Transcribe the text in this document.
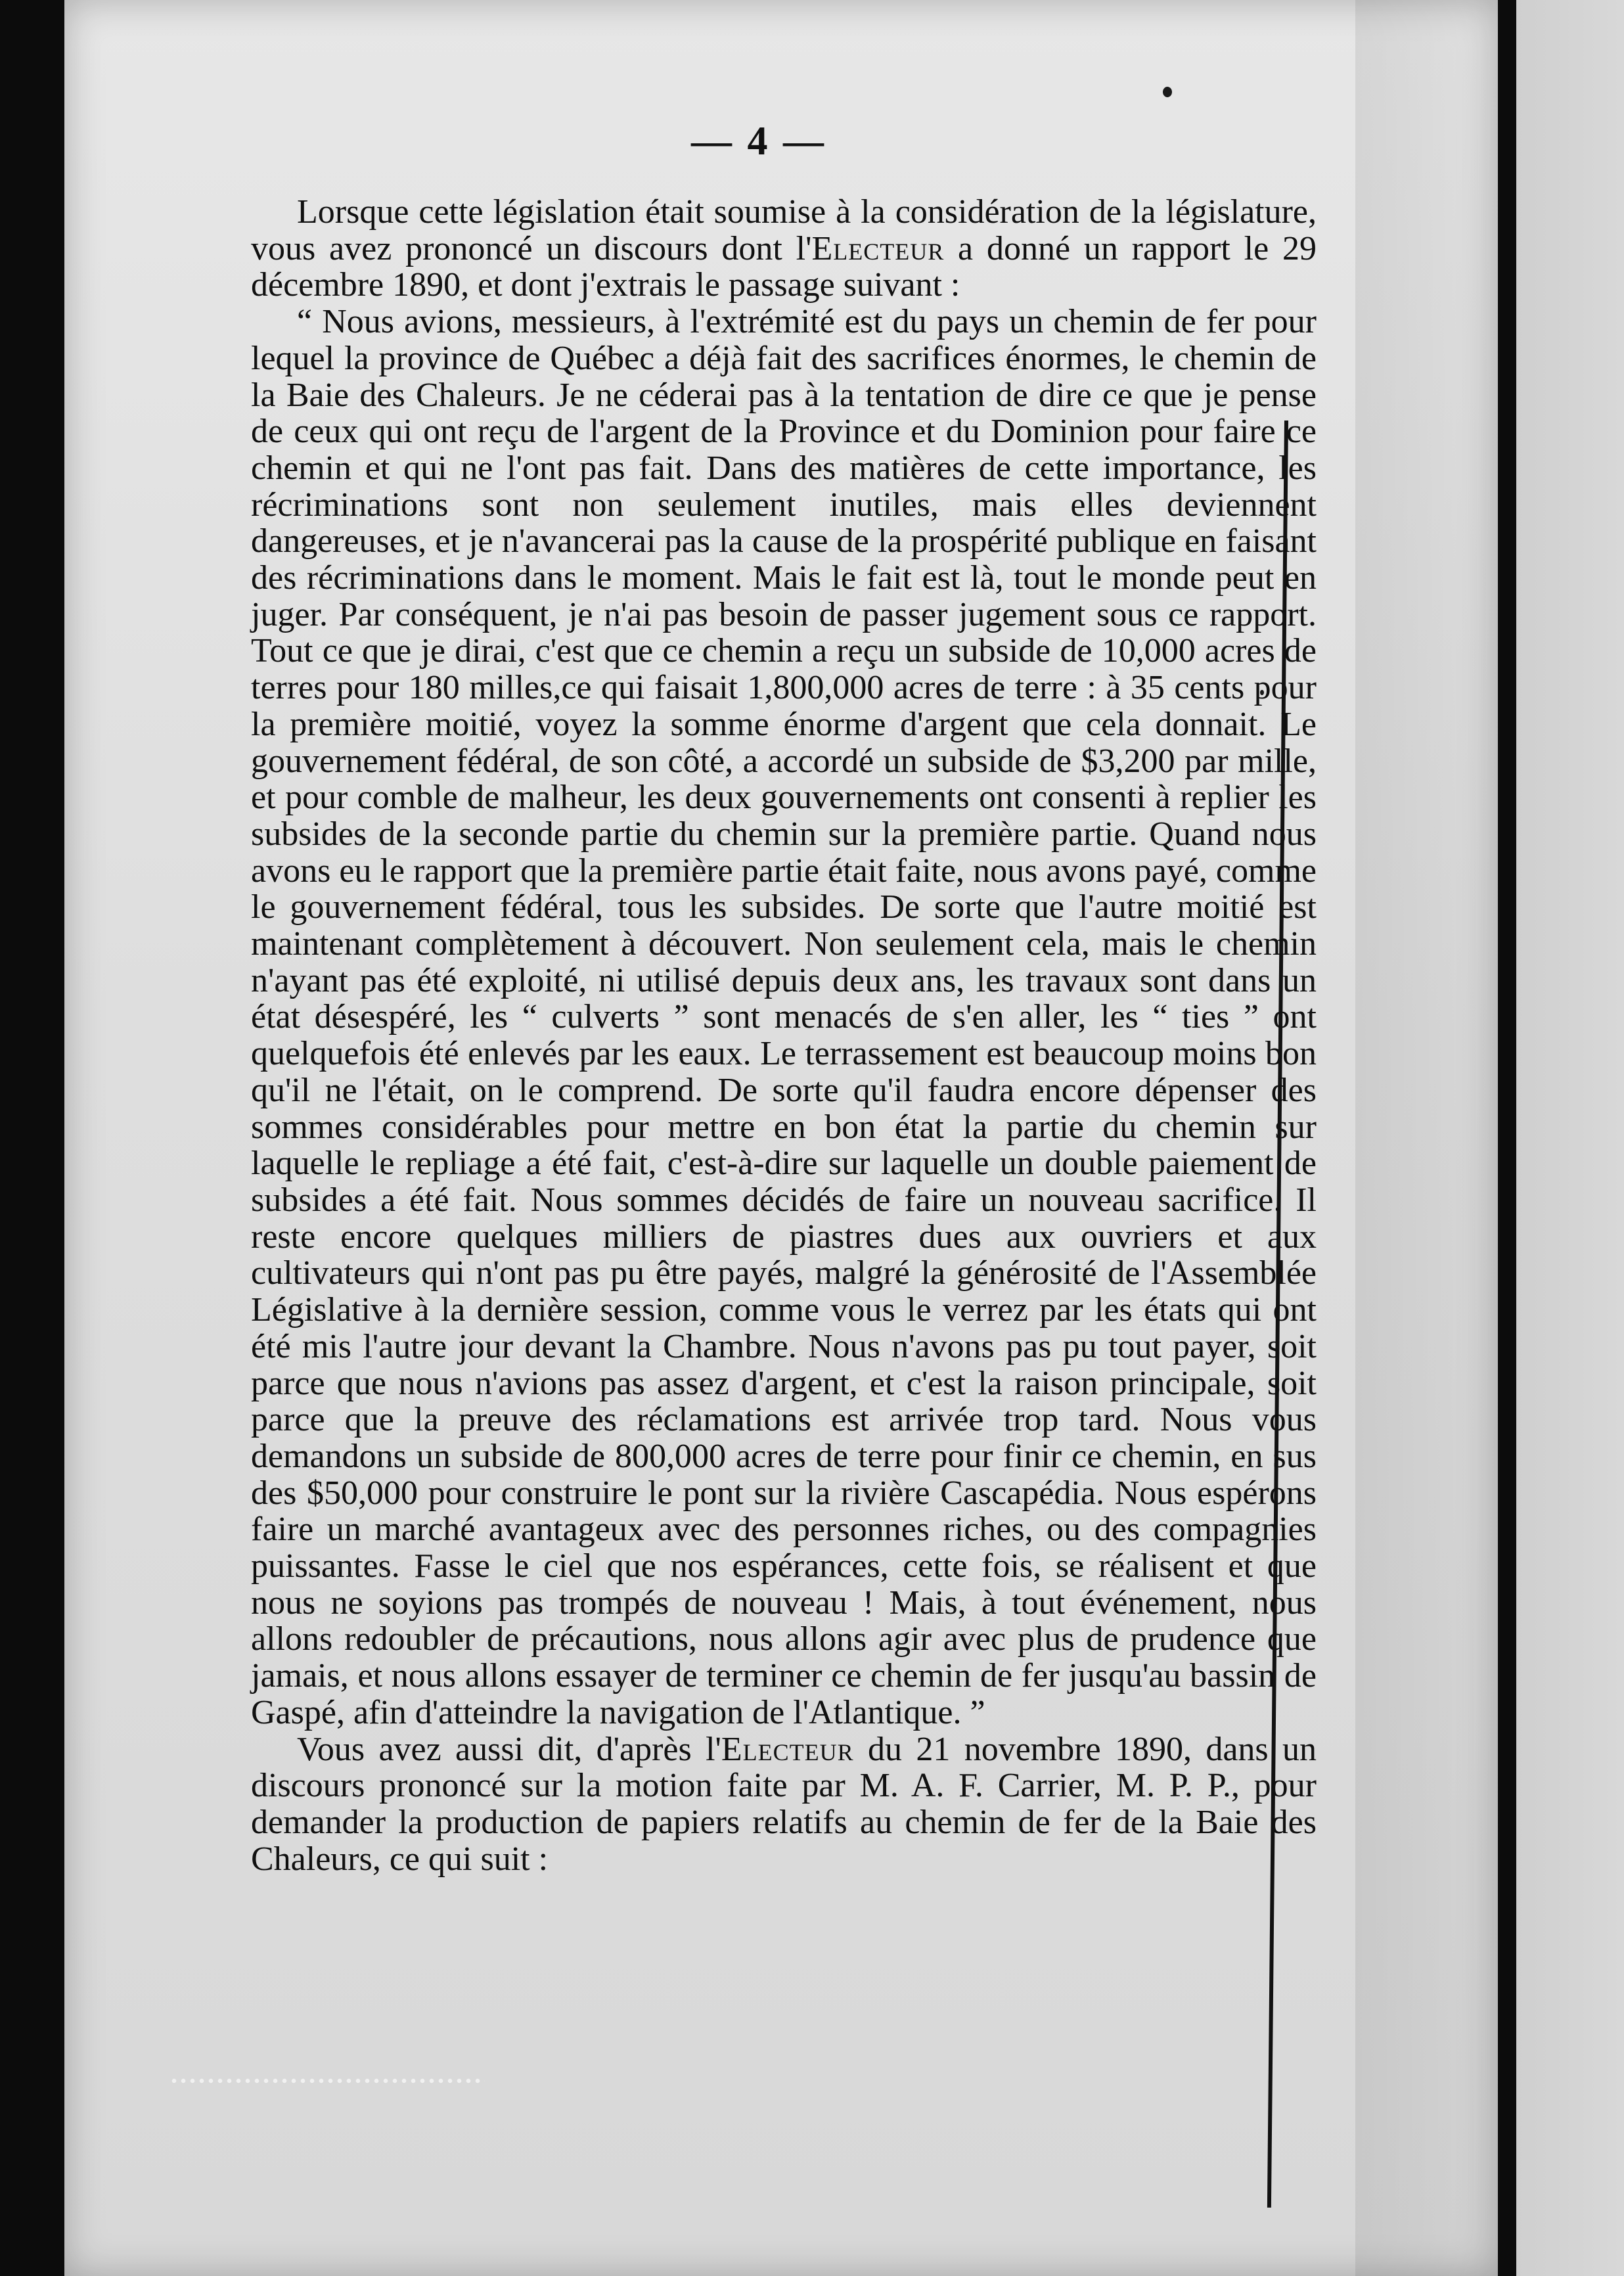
— 4 —

Lorsque cette législation était soumise à la considération de la législature, vous avez prononcé un discours dont l'Electeur a donné un rapport le 29 décembre 1890, et dont j'extrais le passage suivant :

“ Nous avions, messieurs, à l'extrémité est du pays un chemin de fer pour lequel la province de Québec a déjà fait des sacrifices énormes, le chemin de la Baie des Chaleurs. Je ne céderai pas à la tentation de dire ce que je pense de ceux qui ont reçu de l'argent de la Province et du Dominion pour faire ce chemin et qui ne l'ont pas fait. Dans des matières de cette importance, les récriminations sont non seulement inutiles, mais elles deviennent dangereuses, et je n'avancerai pas la cause de la prospérité publique en faisant des récriminations dans le moment. Mais le fait est là, tout le monde peut en juger. Par conséquent, je n'ai pas besoin de passer jugement sous ce rapport. Tout ce que je dirai, c'est que ce chemin a reçu un subside de 10,000 acres de terres pour 180 milles,ce qui faisait 1,800,000 acres de terre : à 35 cents pour la première moitié, voyez la somme énorme d'argent que cela donnait. Le gouvernement fédéral, de son côté, a accordé un subside de $3,200 par mille, et pour comble de malheur, les deux gouvernements ont consenti à replier les subsides de la seconde partie du chemin sur la première partie. Quand nous avons eu le rapport que la première partie était faite, nous avons payé, comme le gouvernement fédéral, tous les subsides. De sorte que l'autre moitié est maintenant complètement à découvert. Non seulement cela, mais le chemin n'ayant pas été exploité, ni utilisé depuis deux ans, les travaux sont dans un état désespéré, les “ culverts ” sont menacés de s'en aller, les “ ties ” ont quelquefois été enlevés par les eaux. Le terrassement est beaucoup moins bon qu'il ne l'était, on le comprend. De sorte qu'il faudra encore dépenser des sommes considérables pour mettre en bon état la partie du chemin sur laquelle le repliage a été fait, c'est-à-dire sur laquelle un double paiement de subsides a été fait. Nous sommes décidés de faire un nouveau sacrifice. Il reste encore quelques milliers de piastres dues aux ouvriers et aux cultivateurs qui n'ont pas pu être payés, malgré la générosité de l'Assemblée Législative à la dernière session, comme vous le verrez par les états qui ont été mis l'autre jour devant la Chambre. Nous n'avons pas pu tout payer, soit parce que nous n'avions pas assez d'argent, et c'est la raison principale, soit parce que la preuve des réclamations est arrivée trop tard. Nous vous demandons un subside de 800,000 acres de terre pour finir ce chemin, en sus des $50,000 pour construire le pont sur la rivière Cascapédia. Nous espérons faire un marché avantageux avec des personnes riches, ou des compagnies puissantes. Fasse le ciel que nos espérances, cette fois, se réalisent et que nous ne soyions pas trompés de nouveau ! Mais, à tout événement, nous allons redoubler de précautions, nous allons agir avec plus de prudence que jamais, et nous allons essayer de terminer ce chemin de fer jusqu'au bassin de Gaspé, afin d'atteindre la navigation de l'Atlantique. ”

Vous avez aussi dit, d'après l'Electeur du 21 novembre 1890, dans un discours prononcé sur la motion faite par M. A. F. Carrier, M. P. P., pour demander la production de papiers relatifs au chemin de fer de la Baie des Chaleurs, ce qui suit :
